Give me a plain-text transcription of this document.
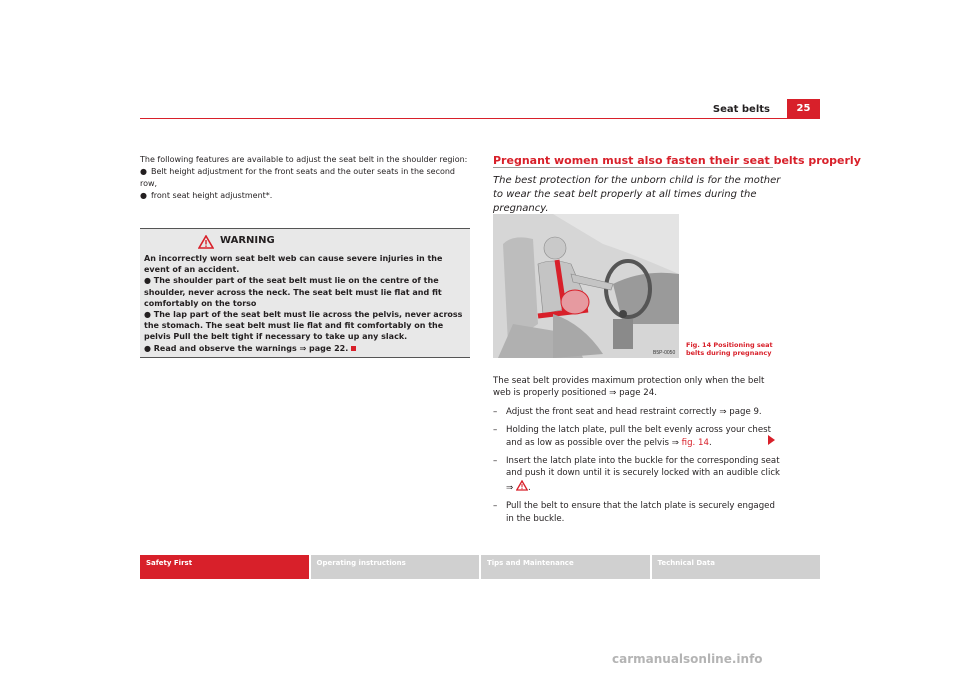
Seat belts	25

The following features are available to adjust the seat belt in the shoulder region:

● Belt height adjustment for the front seats and the outer seats in the second row,

● front seat height adjustment*.

WARNING

An incorrectly worn seat belt web can cause severe injuries in the event of an accident.

● The shoulder part of the seat belt must lie on the centre of the shoulder, never across the neck. The seat belt must lie flat and fit comfortably on the torso

● The lap part of the seat belt must lie across the pelvis, never across the stomach. The seat belt must lie flat and fit comfortably on the pelvis Pull the belt tight if necessary to take up any slack.

● Read and observe the warnings ⇒ page 22.

Pregnant women must also fasten their seat belts properly
The best protection for the unborn child is for the mother to wear the seat belt properly at all times during the pregnancy.
B5P-0050
Fig. 14 Positioning seat
belts during pregnancy

The seat belt provides maximum protection only when the belt web is properly positioned ⇒ page 24.

– Adjust the front seat and head restraint correctly ⇒ page 9.

– Holding the latch plate, pull the belt evenly across your chest and as low as possible over the pelvis ⇒ fig. 14.

– Insert the latch plate into the buckle for the corresponding seat and push it down until it is securely locked with an audible click ⇒ .

– Pull the belt to ensure that the latch plate is securely engaged in the buckle.

Safety First	Operating instructions	Tips and Maintenance	Technical Data
carmanualsonline.info
